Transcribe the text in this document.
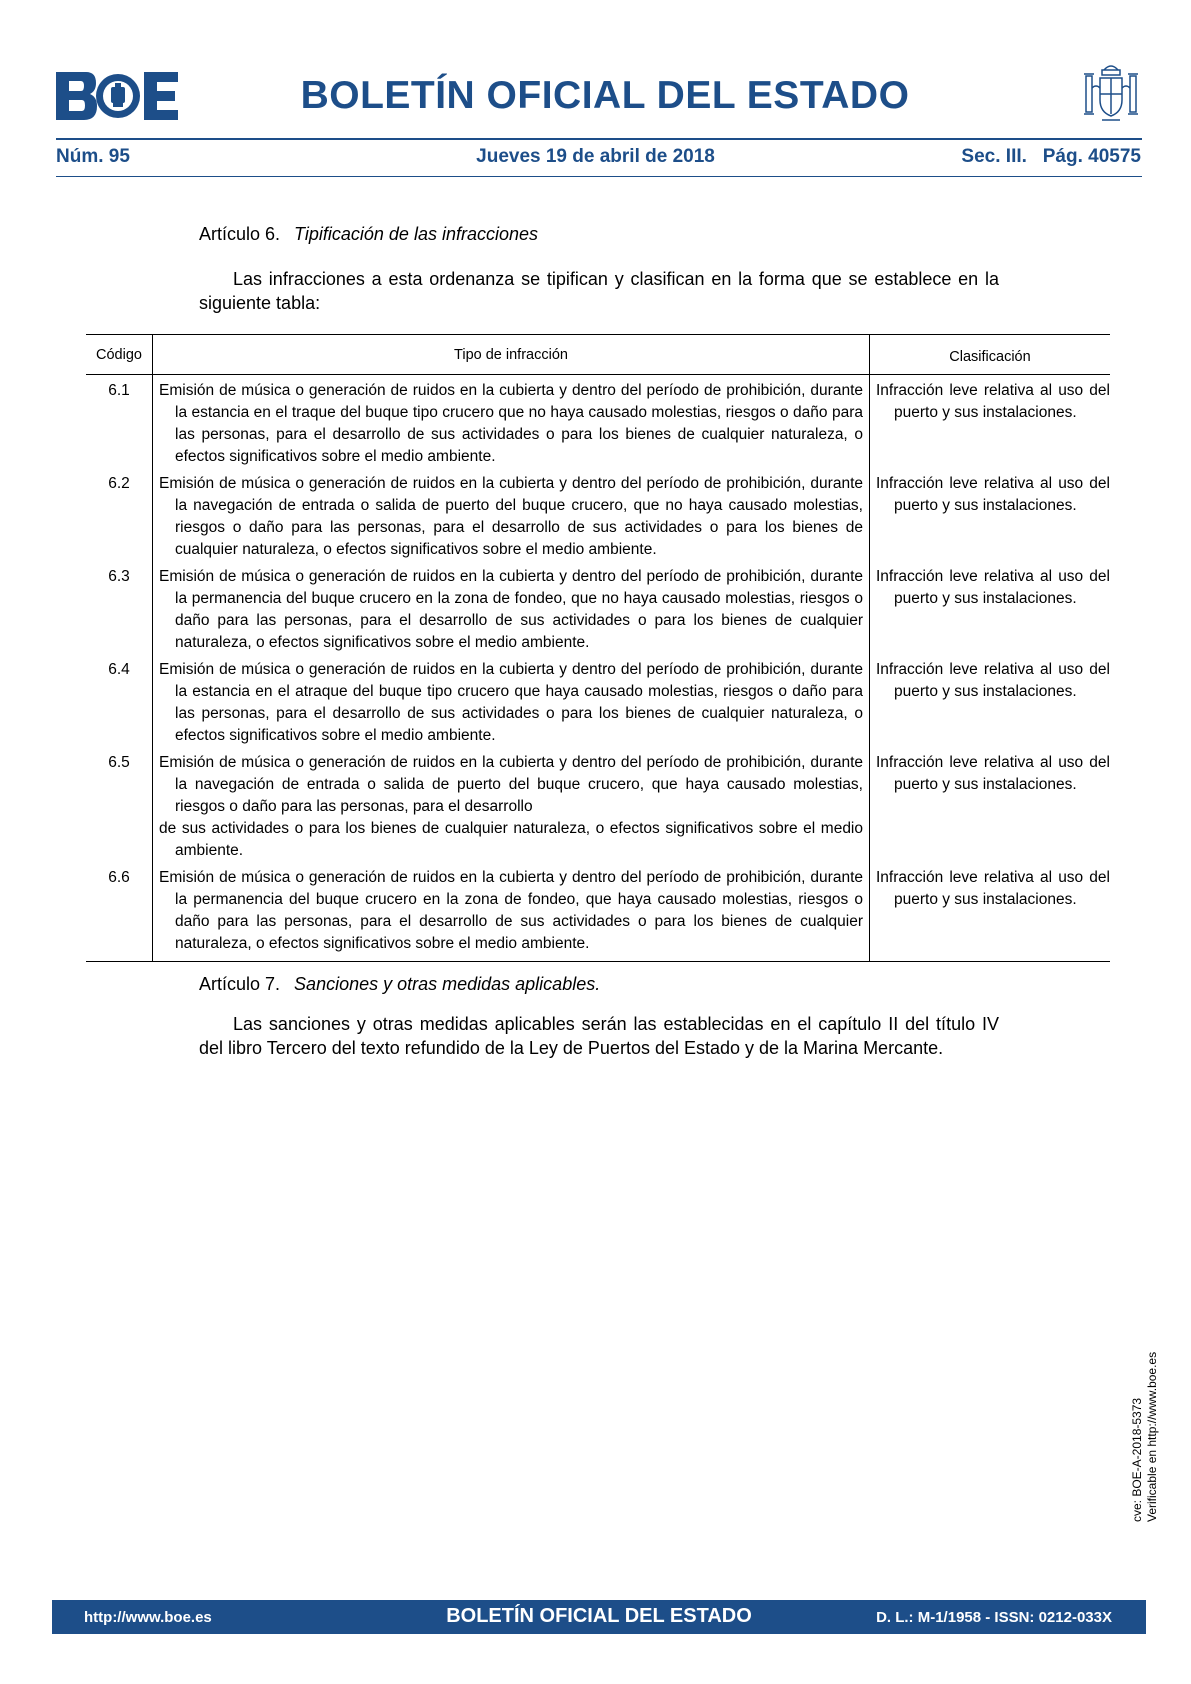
BOLETÍN OFICIAL DEL ESTADO
Núm. 95	Jueves 19 de abril de 2018	Sec. III. Pág. 40575
Artículo 6. Tipificación de las infracciones
Las infracciones a esta ordenanza se tipifican y clasifican en la forma que se establece en la siguiente tabla:
Código	Tipo de infracción	Clasificación
6.1	Emisión de música o generación de ruidos en la cubierta y dentro del período de prohibición, durante la estancia en el traque del buque tipo crucero que no haya causado molestias, riesgos o daño para las personas, para el desarrollo de sus actividades o para los bienes de cualquier naturaleza, o efectos significativos sobre el medio ambiente.	Infracción leve relativa al uso del puerto y sus instalaciones.

6.2	Emisión de música o generación de ruidos en la cubierta y dentro del período de prohibición, durante la navegación de entrada o salida de puerto del buque crucero, que no haya causado molestias, riesgos o daño para las personas, para el desarrollo de sus actividades o para los bienes de cualquier naturaleza, o efectos significativos sobre el medio ambiente.	Infracción leve relativa al uso del puerto y sus instalaciones.

6.3	Emisión de música o generación de ruidos en la cubierta y dentro del período de prohibición, durante la permanencia del buque crucero en la zona de fondeo, que no haya causado molestias, riesgos o daño para las personas, para el desarrollo de sus actividades o para los bienes de cualquier naturaleza, o efectos significativos sobre el medio ambiente.	Infracción leve relativa al uso del puerto y sus instalaciones.

6.4	Emisión de música o generación de ruidos en la cubierta y dentro del período de prohibición, durante la estancia en el atraque del buque tipo crucero que haya causado molestias, riesgos o daño para las personas, para el desarrollo de sus actividades o para los bienes de cualquier naturaleza, o efectos significativos sobre el medio ambiente.	Infracción leve relativa al uso del puerto y sus instalaciones.

6.5	Emisión de música o generación de ruidos en la cubierta y dentro del período de prohibición, durante la navegación de entrada o salida de puerto del buque crucero, que haya causado molestias, riesgos o daño para las personas, para el desarrollo
de sus actividades o para los bienes de cualquier naturaleza, o efectos significativos sobre el medio ambiente.	Infracción leve relativa al uso del puerto y sus instalaciones.

6.6	Emisión de música o generación de ruidos en la cubierta y dentro del período de prohibición, durante la permanencia del buque crucero en la zona de fondeo, que haya causado molestias, riesgos o daño para las personas, para el desarrollo de sus actividades o para los bienes de cualquier naturaleza, o efectos significativos sobre el medio ambiente.	Infracción leve relativa al uso del puerto y sus instalaciones.
Artículo 7. Sanciones y otras medidas aplicables.
Las sanciones y otras medidas aplicables serán las establecidas en el capítulo II del título IV del libro Tercero del texto refundido de la Ley de Puertos del Estado y de la Marina Mercante.
cve: BOE-A-2018-5373 Verificable en http://www.boe.es
http://www.boe.es	BOLETÍN OFICIAL DEL ESTADO	D. L.: M-1/1958 - ISSN: 0212-033X
